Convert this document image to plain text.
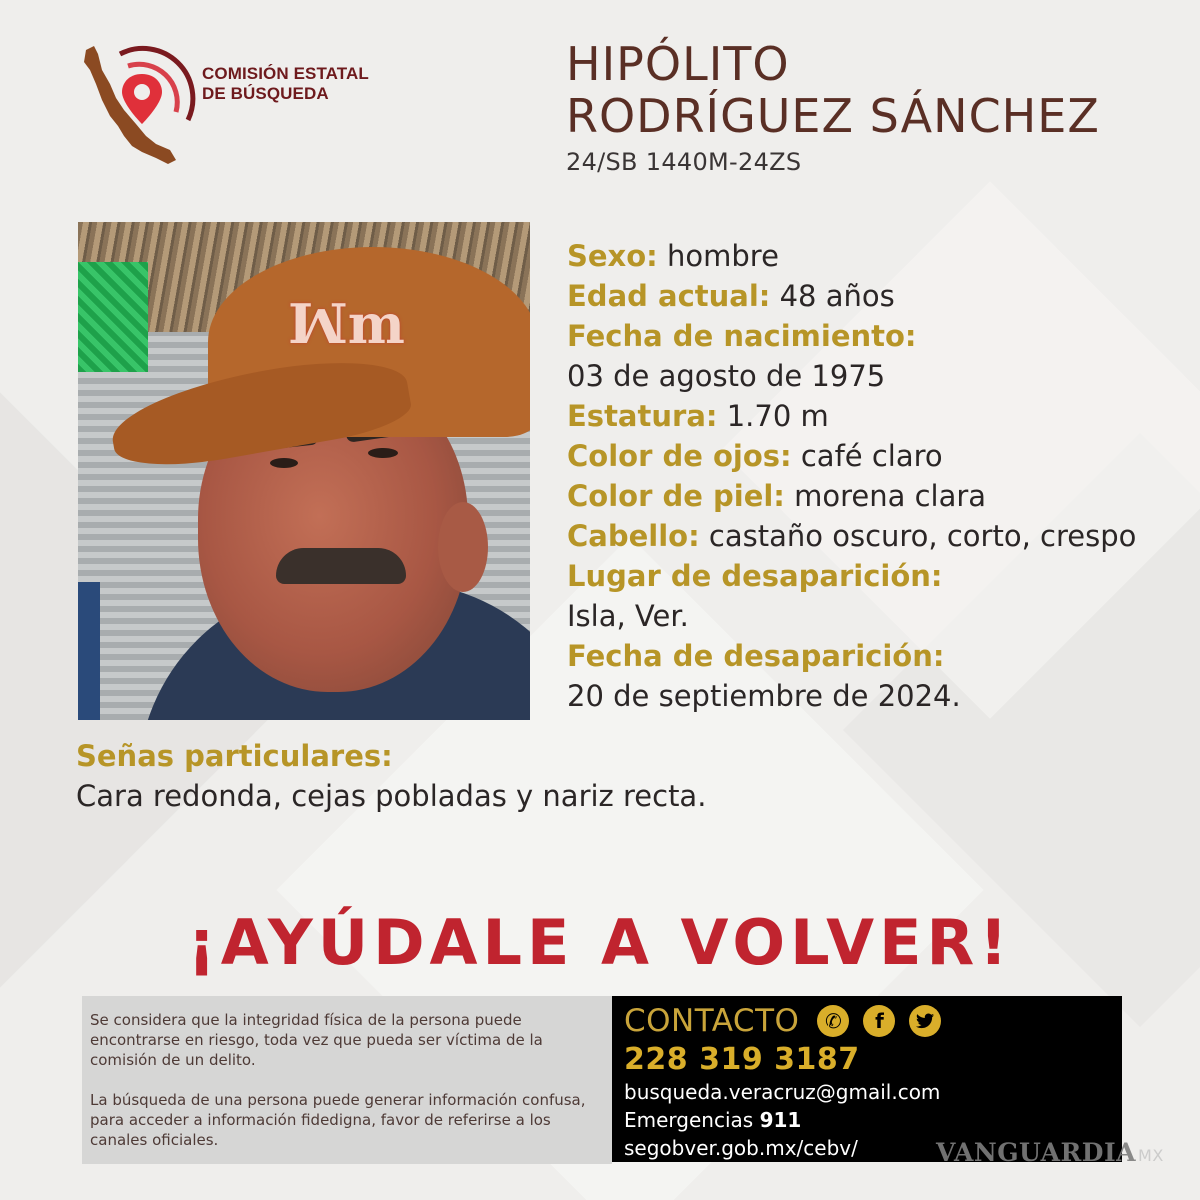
COMISIÓN ESTATAL
DE BÚSQUEDA
HIPÓLITO
RODRÍGUEZ SÁNCHEZ
24/SB 1440M-24ZS
ꟽm
Sexo: hombre
Edad actual: 48 años
Fecha de nacimiento:
03 de agosto de 1975
Estatura: 1.70 m
Color de ojos: café claro
Color de piel: morena clara
Cabello: castaño oscuro, corto, crespo
Lugar de desaparición:
Isla, Ver.
Fecha de desaparición:
20 de septiembre de 2024.
Señas particulares:
Cara redonda, cejas pobladas y nariz recta.
¡AYÚDALE A VOLVER!

Se considera que la integridad física de la persona puede encontrarse en riesgo, toda vez que pueda ser víctima de la comisión de un delito.

La búsqueda de una persona puede generar información confusa, para acceder a información fidedigna, favor de referirse a los canales oficiales.

CONTACTO	✆	f
228 319 3187
busqueda.veracruz@gmail.com
Emergencias 911
segobver.gob.mx/cebv/	VANGUARDIA MX
